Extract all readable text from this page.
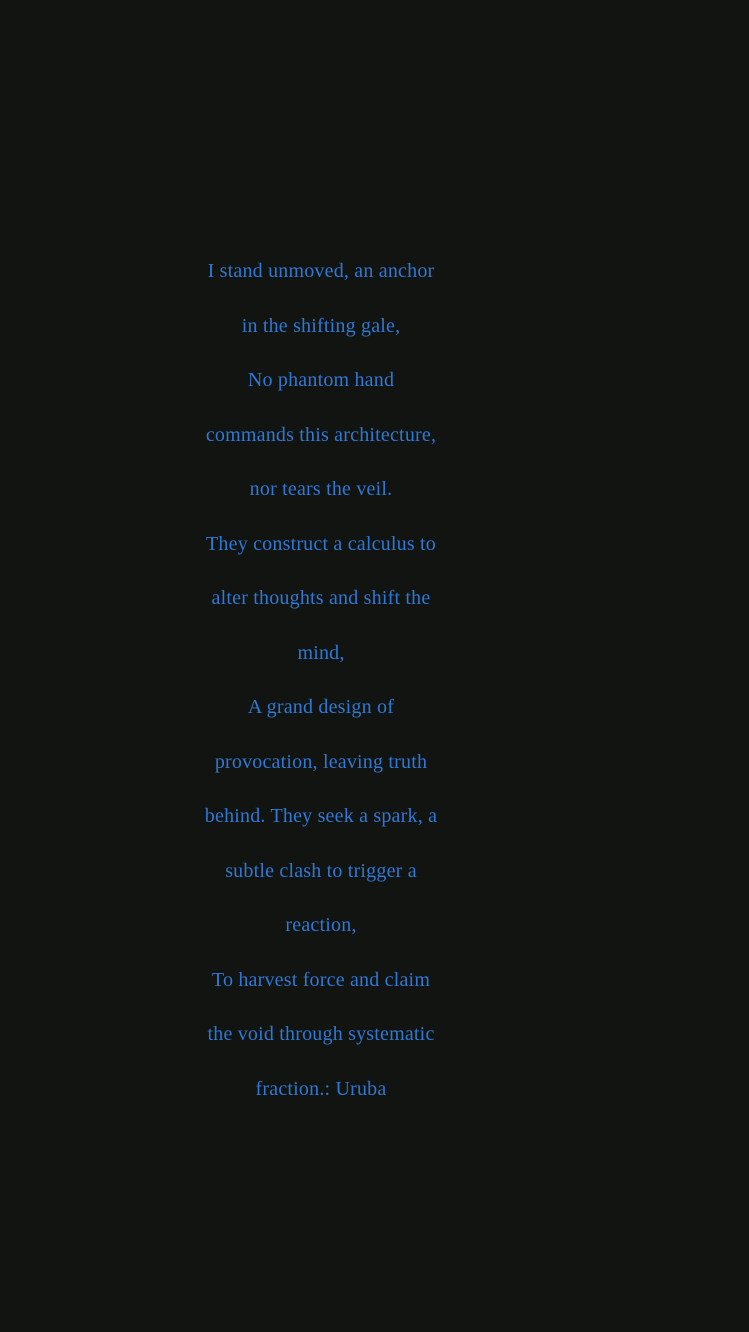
I stand unmoved, an anchor
in the shifting gale,
No phantom hand
commands this architecture,
nor tears the veil.
They construct a calculus to
alter thoughts and shift the
mind,
A grand design of
provocation, leaving truth
behind. They seek a spark, a
subtle clash to trigger a
reaction,
To harvest force and claim
the void through systematic
fraction.: Uruba
